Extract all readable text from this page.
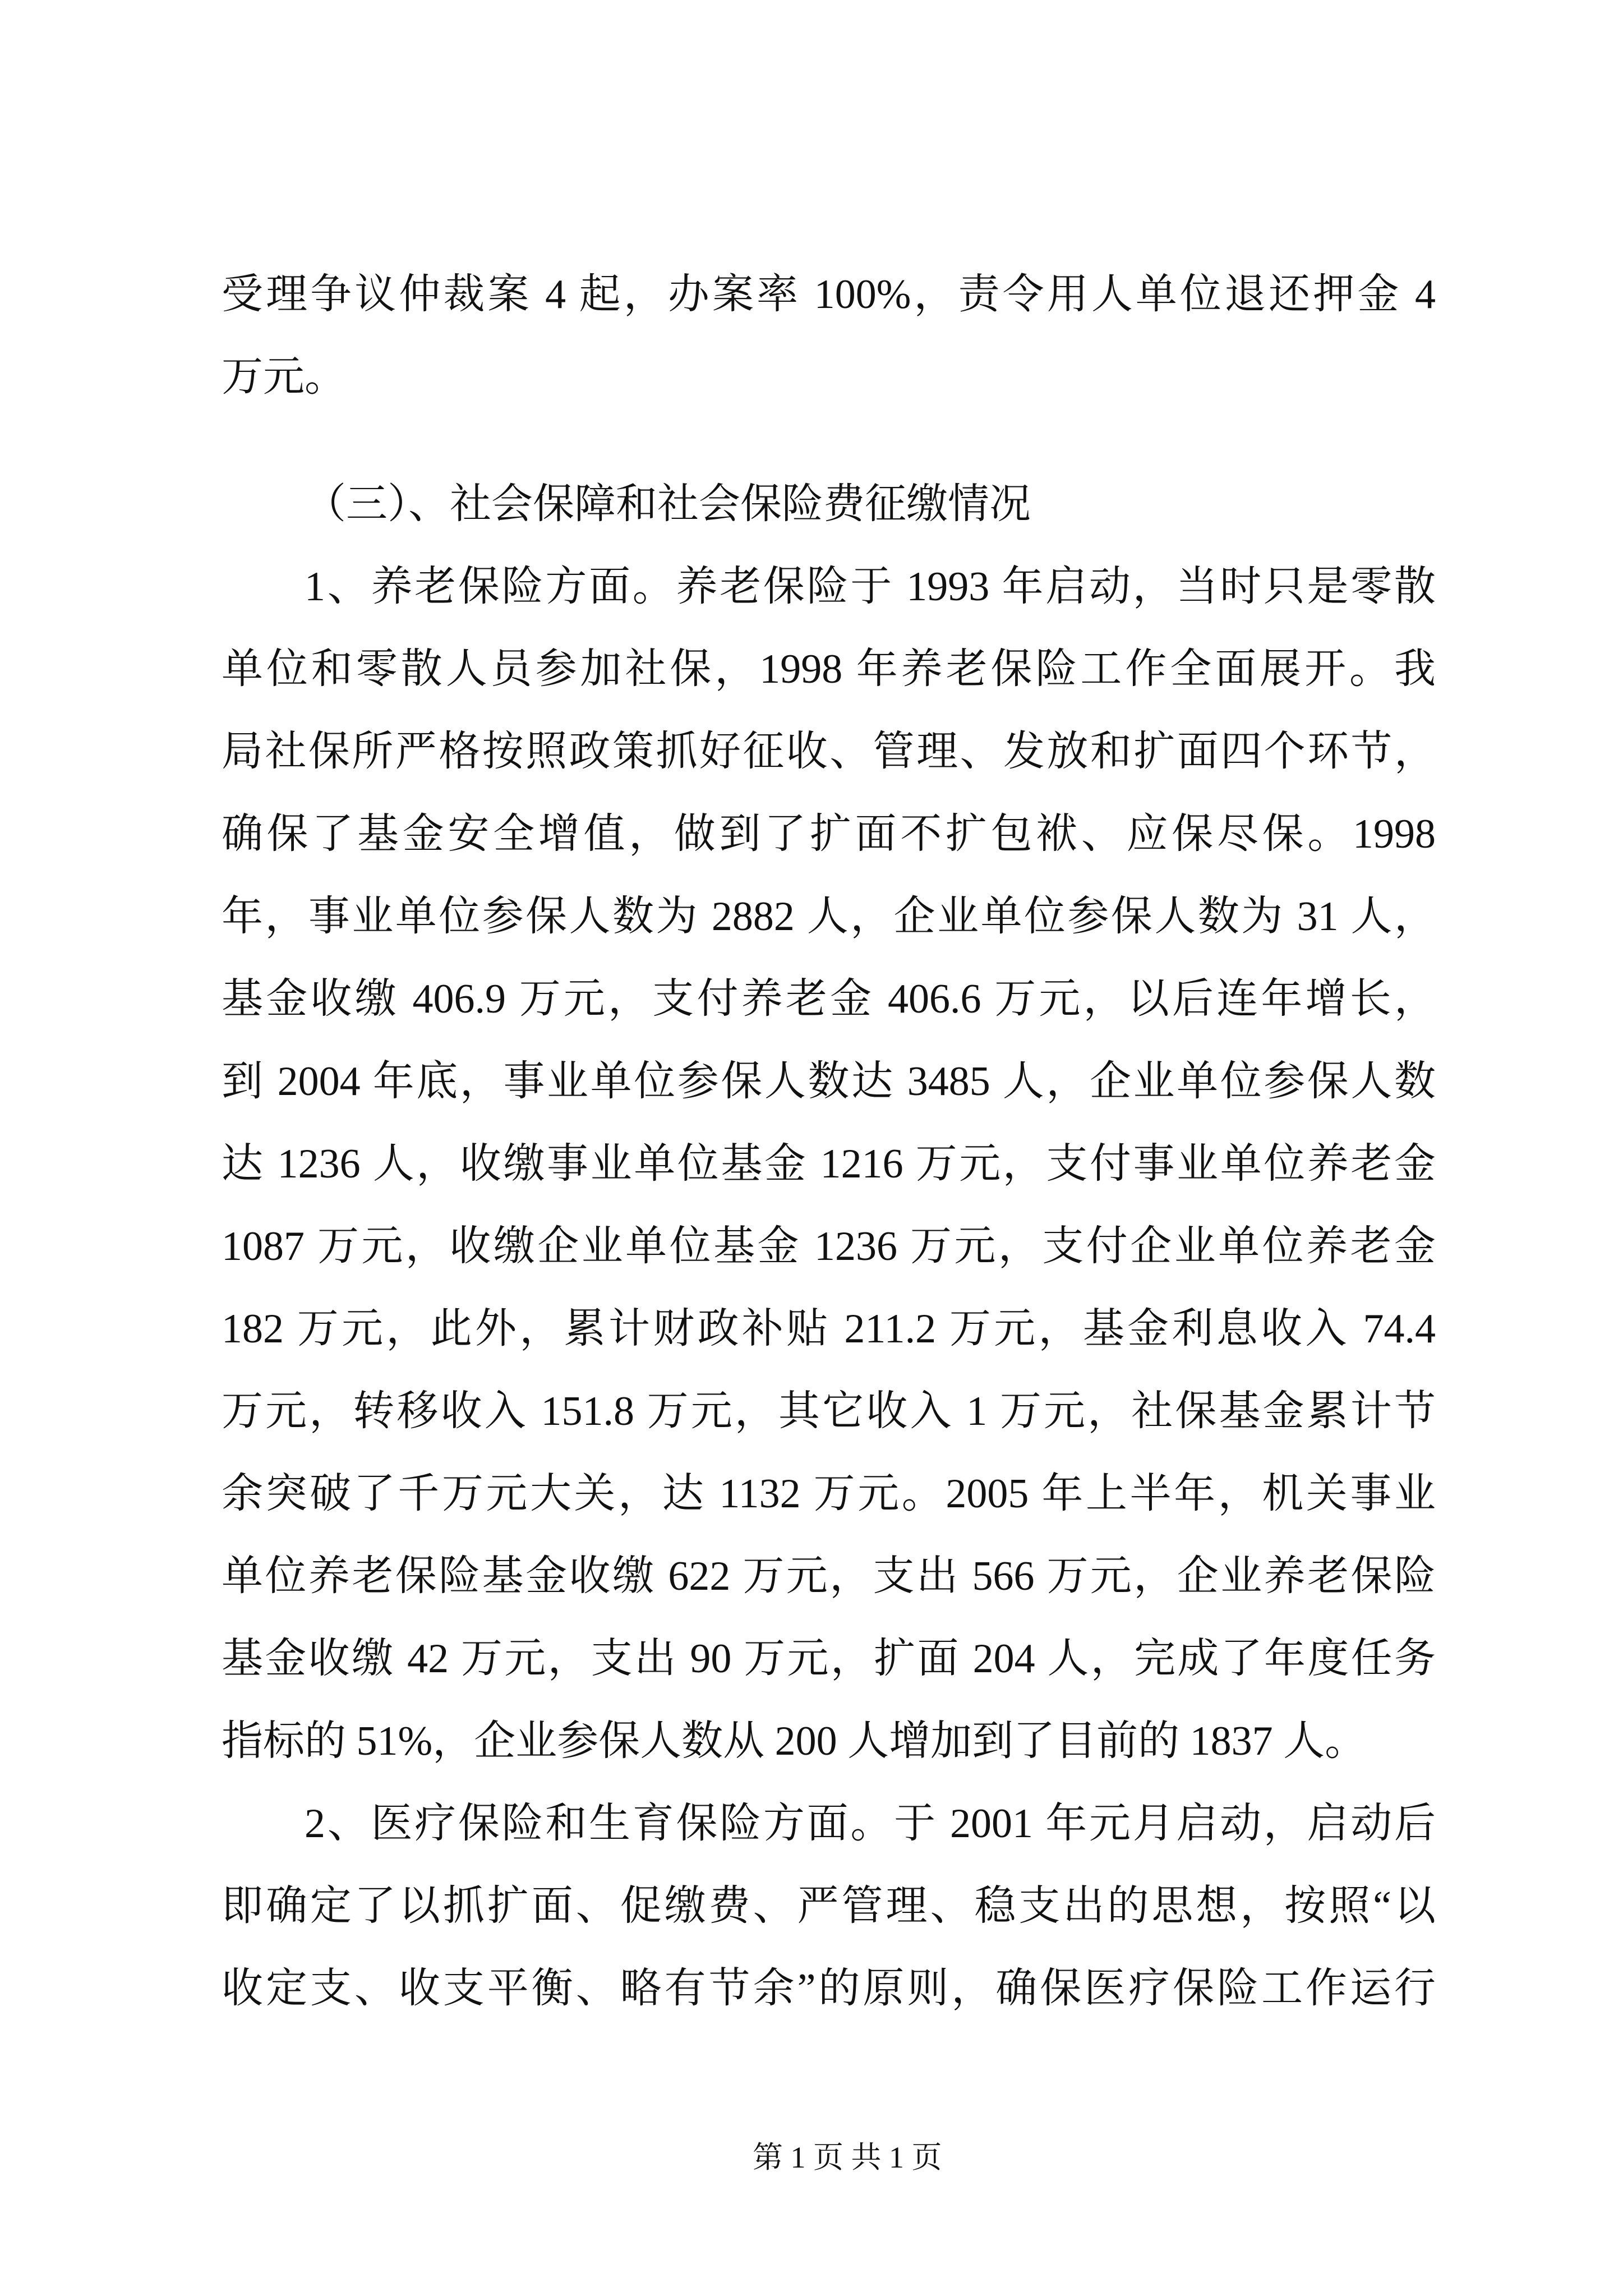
受理争议仲裁案 4 起，办案率 100%，责令用人单位退还押金 4
万元。
（三）、社会保障和社会保险费征缴情况
1、养老保险方面。养老保险于 1993 年启动，当时只是零散
单位和零散人员参加社保，1998 年养老保险工作全面展开。我
局社保所严格按照政策抓好征收、管理、发放和扩面四个环节，
确保了基金安全增值，做到了扩面不扩包袱、应保尽保。1998
年，事业单位参保人数为 2882 人，企业单位参保人数为 31 人，
基金收缴 406.9 万元，支付养老金 406.6 万元，以后连年增长，
到 2004 年底，事业单位参保人数达 3485 人，企业单位参保人数
达 1236 人，收缴事业单位基金 1216 万元，支付事业单位养老金
1087 万元，收缴企业单位基金 1236 万元，支付企业单位养老金
182 万元，此外，累计财政补贴 211.2 万元，基金利息收入 74.4
万元，转移收入 151.8 万元，其它收入 1 万元，社保基金累计节
余突破了千万元大关，达 1132 万元。2005 年上半年，机关事业
单位养老保险基金收缴 622 万元，支出 566 万元，企业养老保险
基金收缴 42 万元，支出 90 万元，扩面 204 人，完成了年度任务
指标的 51%，企业参保人数从 200 人增加到了目前的 1837 人。
2、医疗保险和生育保险方面。于 2001 年元月启动，启动后
即确定了以抓扩面、促缴费、严管理、稳支出的思想，按照“以
收定支、收支平衡、略有节余”的原则，确保医疗保险工作运行
第 1 页 共 1 页
